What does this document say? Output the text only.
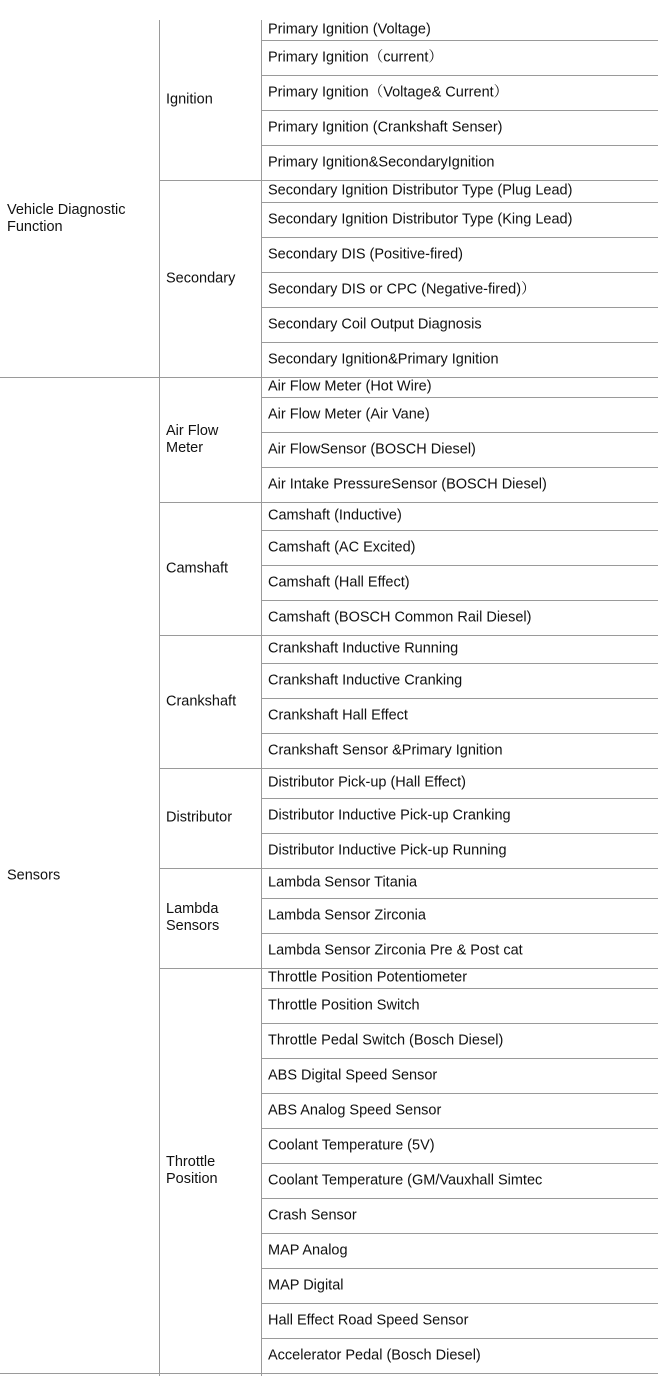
Vehicle Diagnostic Function
Ignition
Primary Ignition (Voltage)
Primary Ignition（current）
Primary Ignition（Voltage& Current）
Primary Ignition (Crankshaft Senser)
Primary Ignition&SecondaryIgnition
Secondary
Secondary Ignition Distributor Type (Plug Lead)
Secondary Ignition Distributor Type (King Lead)
Secondary DIS (Positive-fired)
Secondary DIS or CPC (Negative-fired)）
Secondary Coil Output Diagnosis
Secondary Ignition&Primary Ignition
Sensors
Air Flow Meter
Air Flow Meter (Hot Wire)
Air Flow Meter (Air Vane)
Air FlowSensor (BOSCH Diesel)
Air Intake PressureSensor (BOSCH Diesel)
Camshaft
Camshaft (Inductive)
Camshaft (AC Excited)
Camshaft (Hall Effect)
Camshaft (BOSCH Common Rail Diesel)
Crankshaft
Crankshaft Inductive Running
Crankshaft Inductive Cranking
Crankshaft Hall Effect
Crankshaft Sensor &Primary Ignition
Distributor
Distributor Pick-up (Hall Effect)
Distributor Inductive Pick-up Cranking
Distributor Inductive Pick-up Running
Lambda Sensors
Lambda Sensor Titania
Lambda Sensor Zirconia
Lambda Sensor Zirconia Pre & Post cat
Throttle Position
Throttle Position Potentiometer
Throttle Position Switch
Throttle Pedal Switch (Bosch Diesel)
ABS Digital Speed Sensor
ABS Analog Speed Sensor
Coolant Temperature (5V)
Coolant Temperature (GM/Vauxhall Simtec
Crash Sensor
MAP Analog
MAP Digital
Hall Effect Road Speed Sensor
Accelerator Pedal (Bosch Diesel)
